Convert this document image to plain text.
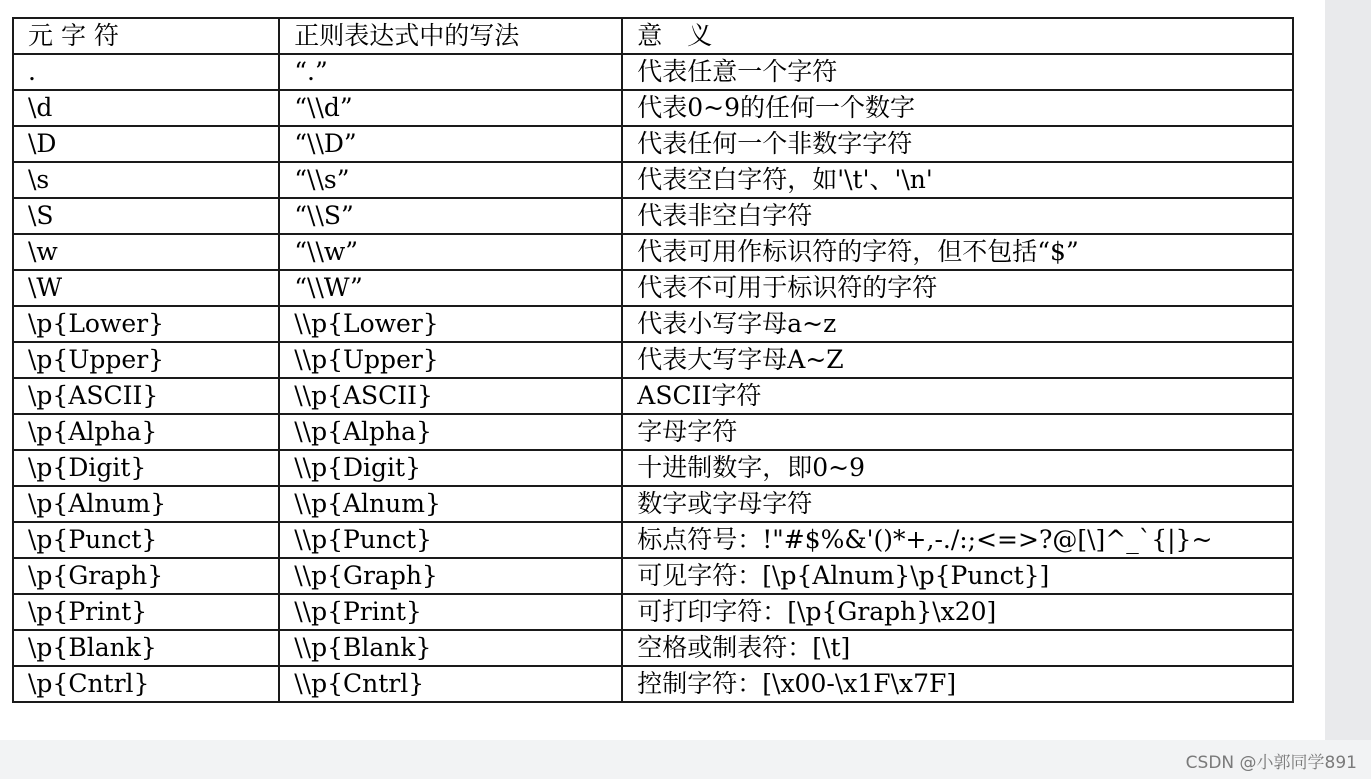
元 字 符	正则表达式中的写法	意　义
.	“.”	代表任意一个字符
\d	“\\d”	代表0~9的任何一个数字
\D	“\\D”	代表任何一个非数字字符
\s	“\\s”	代表空白字符，如'\t'、'\n'
\S	“\\S”	代表非空白字符
\w	“\\w”	代表可用作标识符的字符，但不包括“$”
\W	“\\W”	代表不可用于标识符的字符
\p{Lower}	\\p{Lower}	代表小写字母a~z
\p{Upper}	\\p{Upper}	代表大写字母A~Z
\p{ASCII}	\\p{ASCII}	ASCII字符
\p{Alpha}	\\p{Alpha}	字母字符
\p{Digit}	\\p{Digit}	十进制数字，即0~9
\p{Alnum}	\\p{Alnum}	数字或字母字符
\p{Punct}	\\p{Punct}	标点符号：!"#$%&'()*+,-./:;<=>?@[\]^_`{|}~
\p{Graph}	\\p{Graph}	可见字符：[\p{Alnum}\p{Punct}]
\p{Print}	\\p{Print}	可打印字符：[\p{Graph}\x20]
\p{Blank}	\\p{Blank}	空格或制表符：[\t]
\p{Cntrl}	\\p{Cntrl}	控制字符：[\x00-\x1F\x7F]
CSDN @小郭同学891
